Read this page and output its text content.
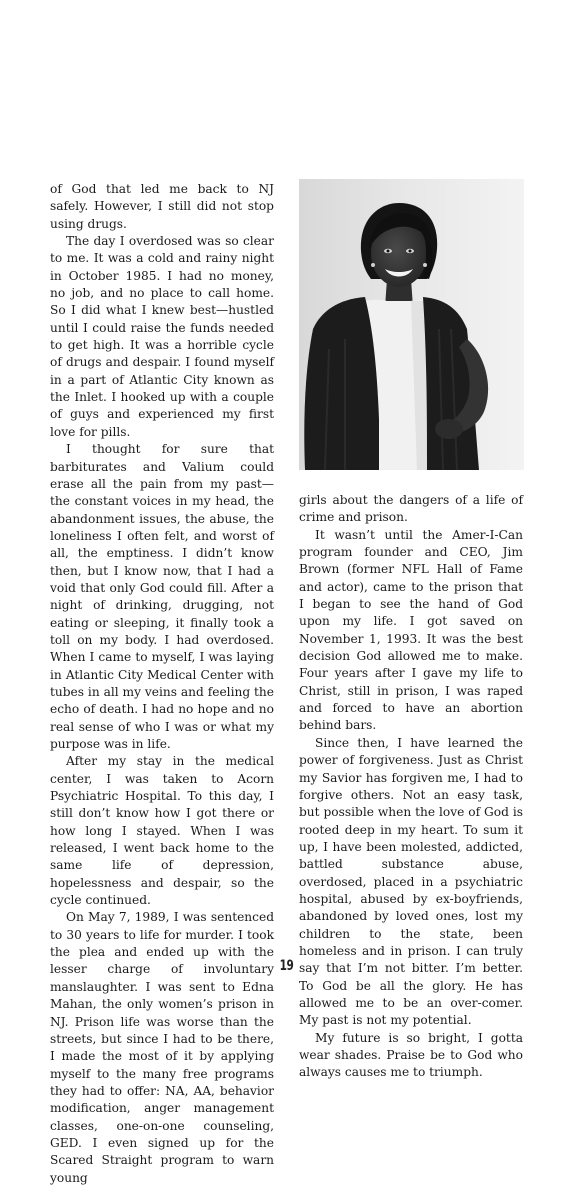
of God that led me back to NJ safely. However, I still did not stop using drugs.

The day I overdosed was so clear to me. It was a cold and rainy night in October 1985. I had no money, no job, and no place to call home. So I did what I knew best—hustled until I could raise the funds needed to get high. It was a horrible cycle of drugs and despair. I found myself in a part of Atlantic City known as the Inlet. I hooked up with a couple of guys and experienced my first love for pills.

I thought for sure that barbiturates and Valium could erase all the pain from my past—the constant voices in my head, the abandonment issues, the abuse, the loneliness I often felt, and worst of all, the emptiness. I didn’t know then, but I know now, that I had a void that only God could fill. After a night of drinking, drugging, not eating or sleeping, it finally took a toll on my body. I had overdosed. When I came to myself, I was laying in Atlantic City Medical Center with tubes in all my veins and feeling the echo of death. I had no hope and no real sense of who I was or what my purpose was in life.

After my stay in the medical center, I was taken to Acorn Psychiatric Hospital. To this day, I still don’t know how I got there or how long I stayed. When I was released, I went back home to the same life of depression, hopelessness and despair, so the cycle continued.

On May 7, 1989, I was sentenced to 30 years to life for murder. I took the plea and ended up with the lesser charge of involuntary manslaughter. I was sent to Edna Mahan, the only women’s prison in NJ. Prison life was worse than the streets, but since I had to be there, I made the most of it by applying myself to the many free programs they had to offer: NA, AA, behavior modification, anger management classes, one-on-one counseling, GED. I even signed up for the Scared Straight program to warn young

girls about the dangers of a life of crime and prison.

It wasn’t until the Amer-I-Can program founder and CEO, Jim Brown (former NFL Hall of Fame and actor), came to the prison that I began to see the hand of God upon my life. I got saved on November 1, 1993. It was the best decision God allowed me to make. Four years after I gave my life to Christ, still in prison, I was raped and forced to have an abortion behind bars.

Since then, I have learned the power of forgiveness. Just as Christ my Savior has forgiven me, I had to forgive others. Not an easy task, but possible when the love of God is rooted deep in my heart. To sum it up, I have been molested, addicted, battled substance abuse, overdosed, placed in a psychiatric hospital, abused by ex-boyfriends, abandoned by loved ones, lost my children to the state, been homeless and in prison. I can truly say that I’m not bitter. I’m better. To God be all the glory. He has allowed me to be an over-comer. My past is not my potential.

My future is so bright, I gotta wear shades. Praise be to God who always causes me to triumph.

19
